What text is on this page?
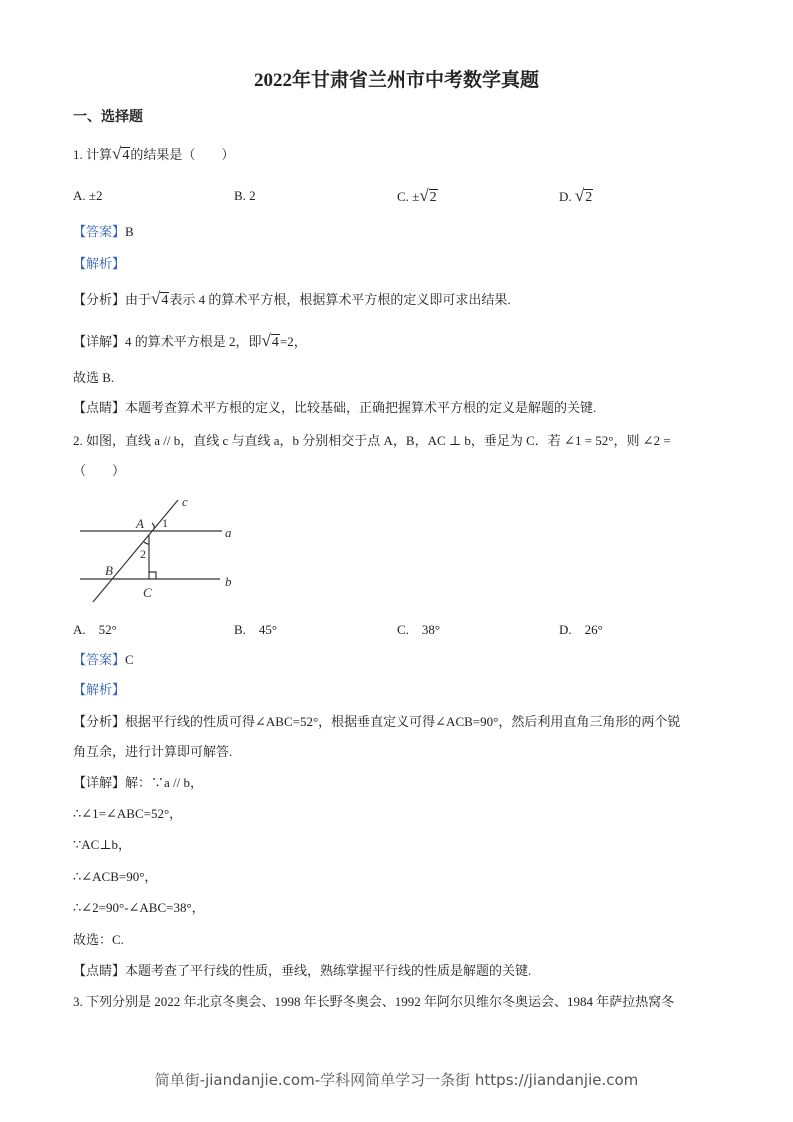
2022年甘肃省兰州市中考数学真题
一、选择题
1. 计算√4的结果是（　　）
A. ±2	B. 2	C. ±√2	D. √2
【答案】B
【解析】
【分析】由于√4表示 4 的算术平方根，根据算术平方根的定义即可求出结果.
【详解】4 的算术平方根是 2，即√4=2，
故选 B.
【点睛】本题考查算术平方根的定义，比较基础，正确把握算术平方根的定义是解题的关键.
2. 如图，直线 a // b，直线 c 与直线 a，b 分别相交于点 A，B，AC ⊥ b，垂足为 C．若 ∠1 = 52°，则 ∠2 =
（　　）
c
A
a
B
b
C
1
2
A.　52°	B.　45°	C.　38°	D.　26°
【答案】C
【解析】
【分析】根据平行线的性质可得∠ABC=52°，根据垂直定义可得∠ACB=90°，然后利用直角三角形的两个锐
角互余，进行计算即可解答.
【详解】解：∵a // b，
∴∠1=∠ABC=52°，
∵AC⊥b，
∴∠ACB=90°，
∴∠2=90°-∠ABC=38°，
故选：C.
【点睛】本题考查了平行线的性质，垂线，熟练掌握平行线的性质是解题的关键.
3. 下列分别是 2022 年北京冬奥会、1998 年长野冬奥会、1992 年阿尔贝维尔冬奥运会、1984 年萨拉热窝冬
简单街-jiandanjie.com-学科网简单学习一条街 https://jiandanjie.com
